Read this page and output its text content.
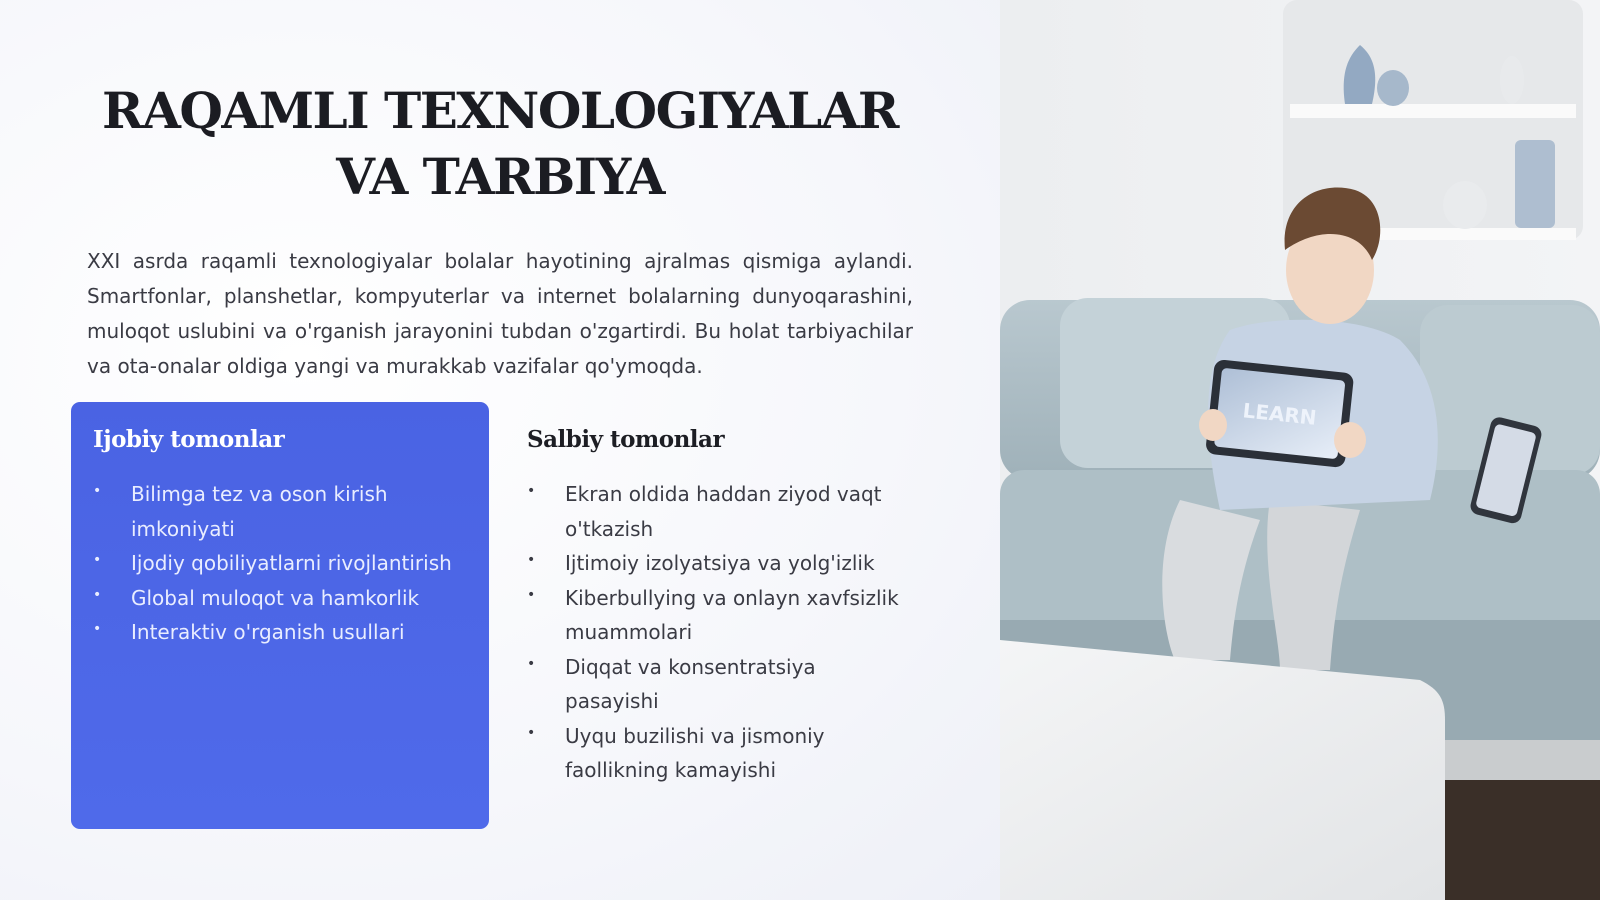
RAQAMLI TEXNOLOGIYALAR
VA TARBIYA

XXI asrda raqamli texnologiyalar bolalar hayotining ajralmas qismiga aylandi. Smartfonlar, planshetlar, kompyuterlar va internet bolalarning dunyoqarashini, muloqot uslubini va o'rganish jarayonini tubdan o'zgartirdi. Bu holat tarbiyachilar va ota-onalar oldiga yangi va murakkab vazifalar qo'ymoqda.

Ijobiy tomonlar
• Bilimga tez va oson kirish imkoniyati
• Ijodiy qobiliyatlarni rivojlantirish
• Global muloqot va hamkorlik
• Interaktiv o'rganish usullari
Salbiy tomonlar
• Ekran oldida haddan ziyod vaqt o'tkazish
• Ijtimoiy izolyatsiya va yolg'izlik
• Kiberbullying va onlayn xavfsizlik muammolari
• Diqqat va konsentratsiya pasayishi
• Uyqu buzilishi va jismoniy faollikning kamayishi
LEARN
